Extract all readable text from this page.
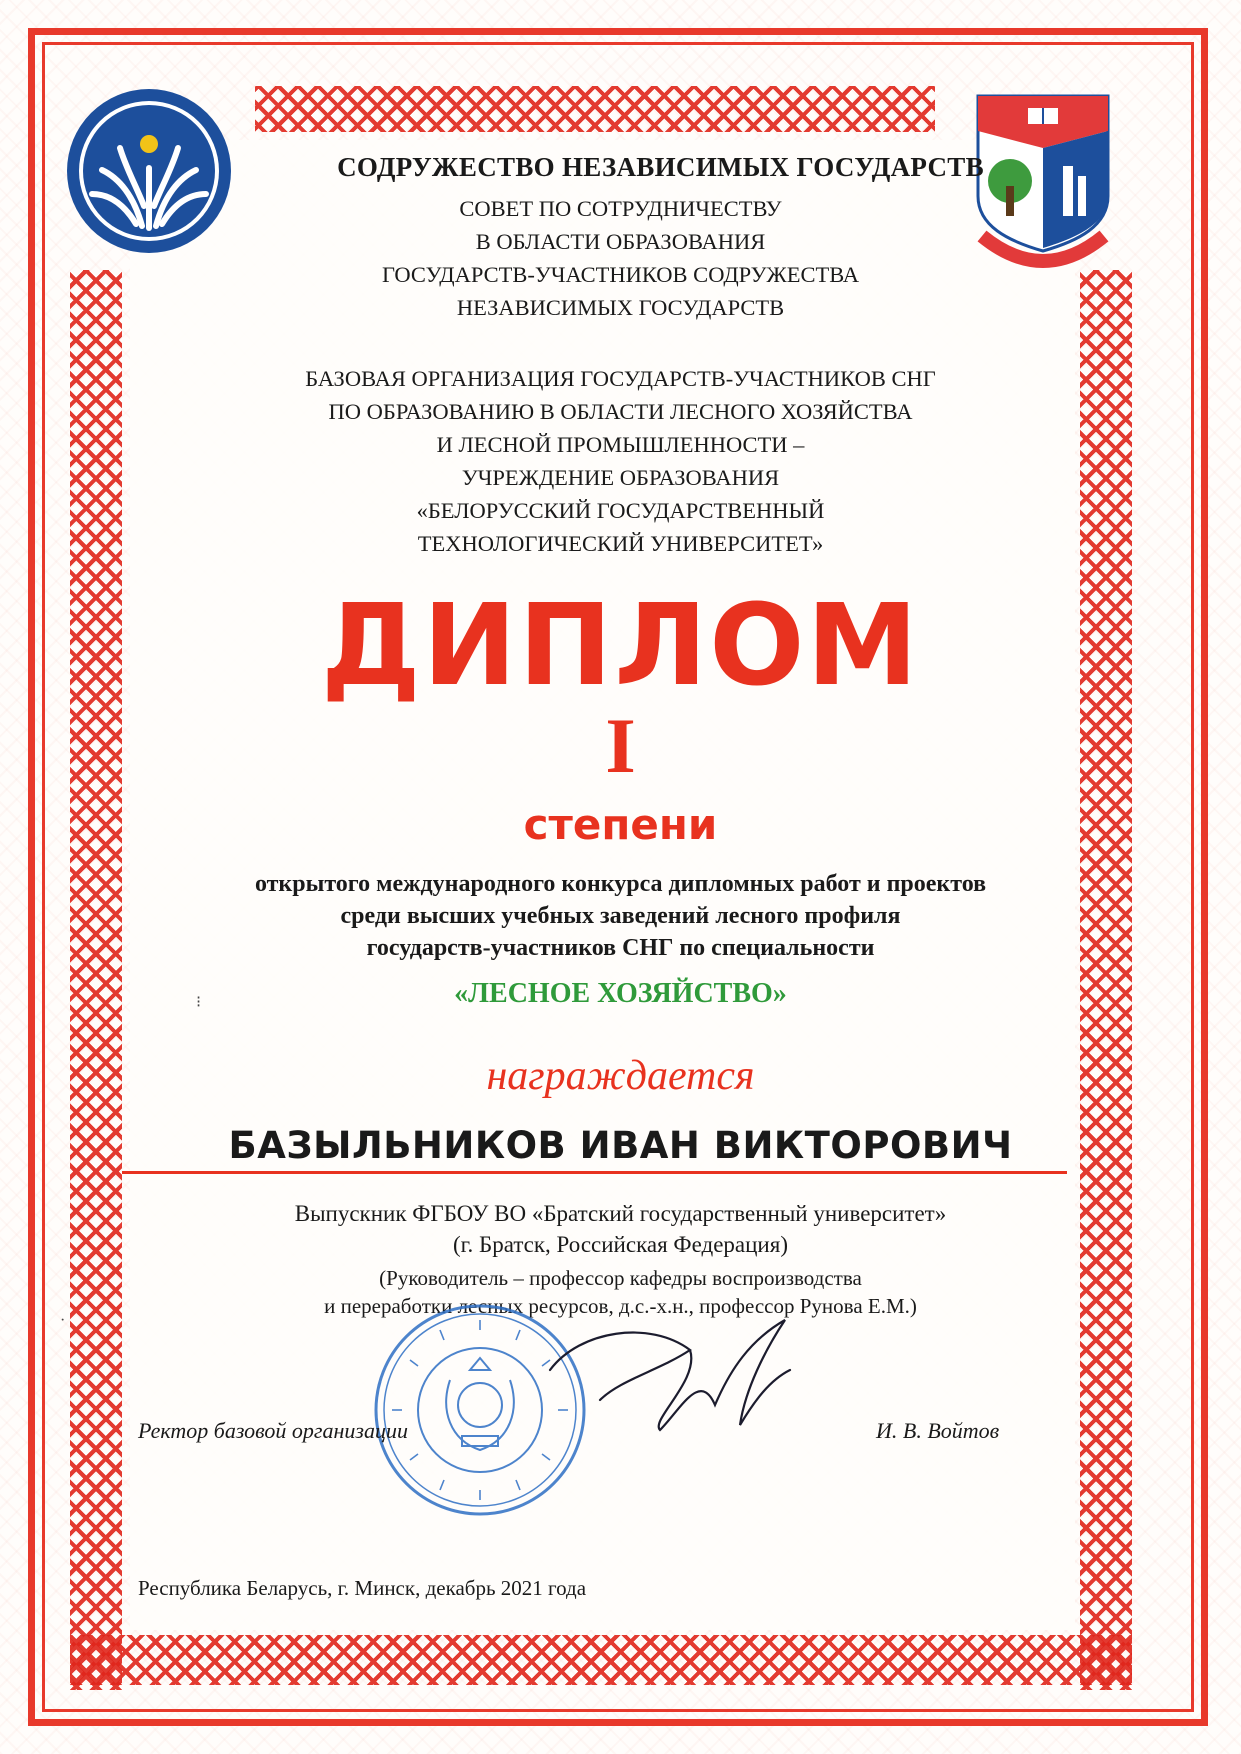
СОДРУЖЕСТВО НЕЗАВИСИМЫХ ГОСУДАРСТВ
СОВЕТ ПО СОТРУДНИЧЕСТВУ
В ОБЛАСТИ ОБРАЗОВАНИЯ
ГОСУДАРСТВ-УЧАСТНИКОВ СОДРУЖЕСТВА
НЕЗАВИСИМЫХ ГОСУДАРСТВ
БАЗОВАЯ ОРГАНИЗАЦИЯ ГОСУДАРСТВ-УЧАСТНИКОВ СНГ
ПО ОБРАЗОВАНИЮ В ОБЛАСТИ ЛЕСНОГО ХОЗЯЙСТВА
И ЛЕСНОЙ ПРОМЫШЛЕННОСТИ –
УЧРЕЖДЕНИЕ ОБРАЗОВАНИЯ
«БЕЛОРУССКИЙ ГОСУДАРСТВЕННЫЙ
ТЕХНОЛОГИЧЕСКИЙ УНИВЕРСИТЕТ»
ДИПЛОМ
I
степени
открытого международного конкурса дипломных работ и проектов
среди высших учебных заведений лесного профиля
государств-участников СНГ по специальности
«ЛЕСНОЕ ХОЗЯЙСТВО»
награждается
БАЗЫЛЬНИКОВ ИВАН ВИКТОРОВИЧ
Выпускник ФГБОУ ВО «Братский государственный университет»
(г. Братск, Российская Федерация)
(Руководитель – профессор кафедры воспроизводства
и переработки лесных ресурсов, д.с.-х.н., профессор Рунова Е.М.)
Ректор базовой организации	И. В. Войтов
Республика Беларусь, г. Минск, декабрь 2021 года
⁝
·
